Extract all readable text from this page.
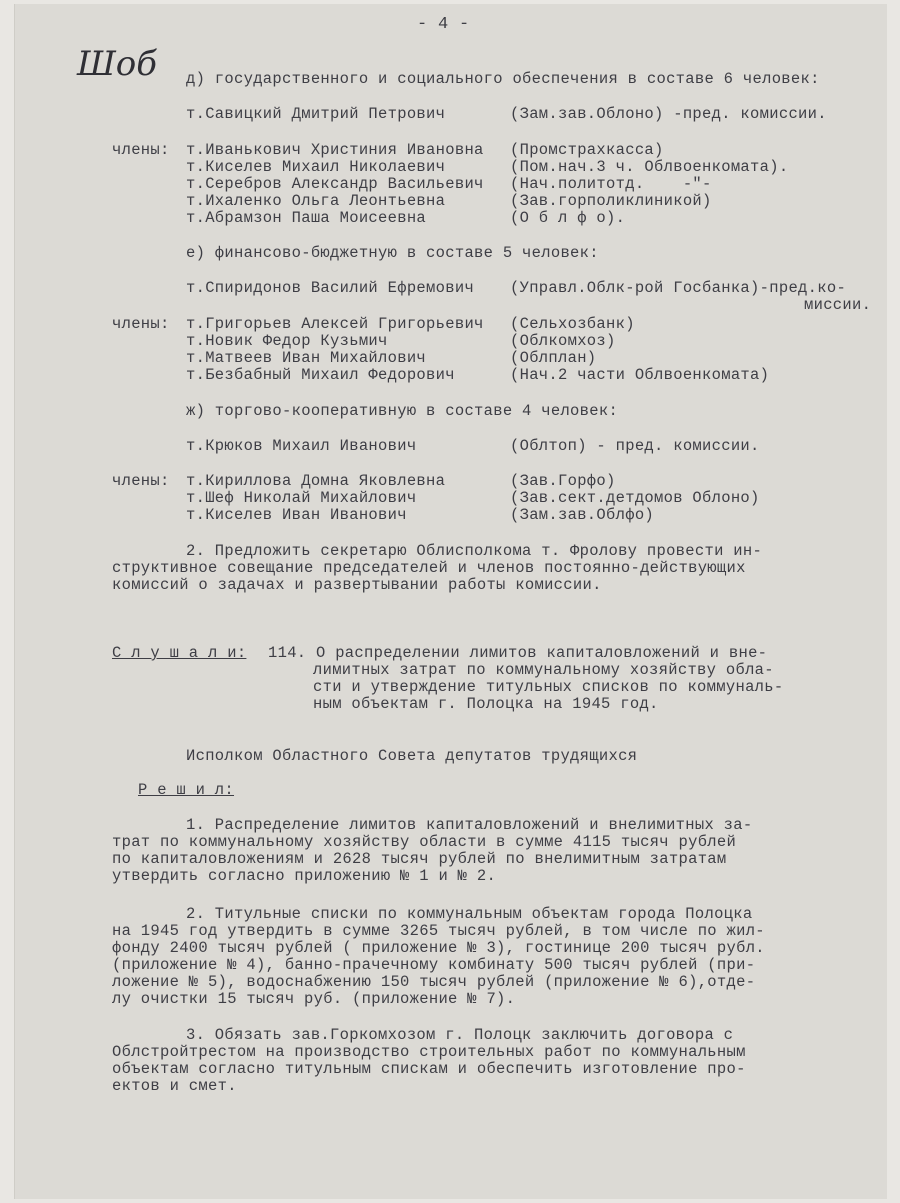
- 4 -
Шоб д) государственного и социального обеспечения в составе 6 человек:
т.Савицкий Дмитрий Петрович	(Зам.зав.Облоно) -пред. комиссии.
члены: т.Иванькович Христиния Ивановна (Промстрахкасса)
т.Киселев Михаил Николаевич	(Пом.нач.3 ч. Облвоенкомата).
т.Серебров Александр Васильевич (Нач.политотд.    -"-
т.Ихаленко Ольга Леонтьевна	(Зав.горполиклиникой)
т.Абрамзон Паша Моисеевна	(О б л ф о).
е) финансово-бюджетную в составе 5 человек:
т.Спиридонов Василий Ефремович (Управл.Облк-рой Госбанка)-пред.ко-
миссии.
члены: т.Григорьев Алексей Григорьевич (Сельхозбанк)
т.Новик Федор Кузьмич	(Облкомхоз)
т.Матвеев Иван Михайлович	(Облплан)
т.Безбабный Михаил Федорович	(Нач.2 части Облвоенкомата)
ж) торгово-кооперативную в составе 4 человек:
т.Крюков Михаил Иванович	(Облтоп) - пред. комиссии.
члены: т.Кириллова Домна Яковлевна	(Зав.Горфо)
т.Шеф Николай Михайлович	(Зав.сект.детдомов Облоно)
т.Киселев Иван Иванович	(Зам.зав.Облфо)
2. Предложить секретарю Облисполкома т. Фролову провести ин-
структивное совещание председателей и членов постоянно-действующих
комиссий о задачах и развертывании работы комиссии.
С л у ш а л и: 114. О распределении лимитов капиталовложений и вне-
лимитных затрат по коммунальному хозяйству обла-
сти и утверждение титульных списков по коммуналь-
ным объектам г. Полоцка на 1945 год.
Исполком Областного Совета депутатов трудящихся
Р е ш и л:
1. Распределение лимитов капиталовложений и внелимитных за-
трат по коммунальному хозяйству области в сумме 4115 тысяч рублей
по капиталовложениям и 2628 тысяч рублей по внелимитным затратам
утвердить согласно приложению № 1 и № 2.
2. Титульные списки по коммунальным объектам города Полоцка
на 1945 год утвердить в сумме 3265 тысяч рублей, в том числе по жил-
фонду 2400 тысяч рублей ( приложение № 3), гостинице 200 тысяч рубл.
(приложение № 4), банно-прачечному комбинату 500 тысяч рублей (при-
ложение № 5), водоснабжению 150 тысяч рублей (приложение № 6),отде-
лу очистки 15 тысяч руб. (приложение № 7).
3. Обязать зав.Горкомхозом г. Полоцк заключить договора с
Облстройтрестом на производство строительных работ по коммунальным
объектам согласно титульным спискам и обеспечить изготовление про-
ектов и смет.
